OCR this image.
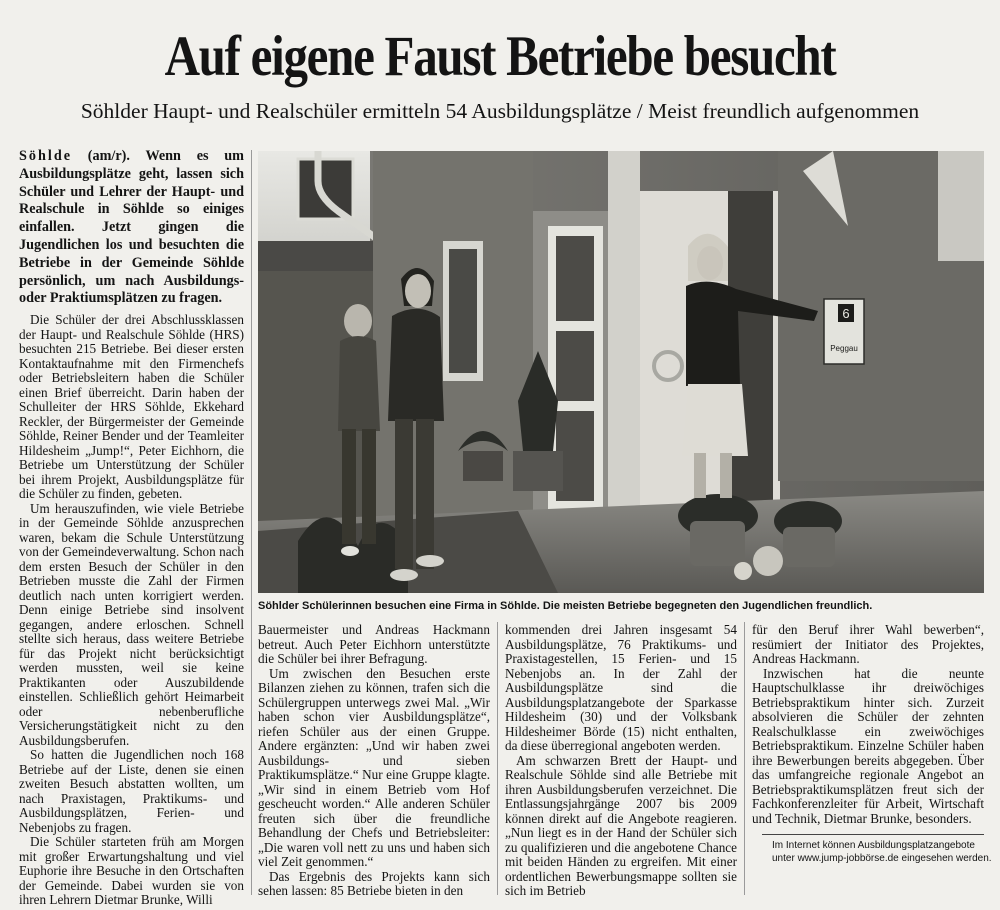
Auf eigene Faust Betriebe besucht
Söhlder Haupt- und Realschüler ermitteln 54 Ausbildungsplätze / Meist freundlich aufgenommen

Söhlde (am/r). Wenn es um Ausbildungsplätze geht, lassen sich Schüler und Lehrer der Haupt- und Realschule in Söhlde so einiges einfallen. Jetzt gingen die Jugendlichen los und besuchten die Betriebe in der Gemeinde Söhlde persönlich, um nach Ausbildungs- oder Praktiumsplätzen zu fragen.

Die Schüler der drei Abschlussklassen der Haupt- und Realschule Söhlde (HRS) besuchten 215 Betriebe. Bei dieser ersten Kontaktaufnahme mit den Firmenchefs oder Betriebsleitern haben die Schüler einen Brief überreicht. Darin haben der Schulleiter der HRS Söhlde, Ekkehard Reckler, der Bürgermeister der Gemeinde Söhlde, Reiner Bender und der Teamleiter Hildesheim „Jump!“, Peter Eichhorn, die Betriebe um Unterstützung der Schüler bei ihrem Projekt, Ausbildungsplätze für die Schüler zu finden, gebeten.

Um herauszufinden, wie viele Betriebe in der Gemeinde Söhlde anzusprechen waren, bekam die Schule Unterstützung von der Gemeindeverwaltung. Schon nach dem ersten Besuch der Schüler in den Betrieben musste die Zahl der Firmen deutlich nach unten korrigiert werden. Denn einige Betriebe sind insolvent gegangen, andere erloschen. Schnell stellte sich heraus, dass weitere Betriebe für das Projekt nicht berücksichtigt werden mussten, weil sie keine Praktikanten oder Auszubildende einstellen. Schließlich gehört Heimarbeit oder nebenberufliche Versicherungstätigkeit nicht zu den Ausbildungsberufen.

So hatten die Jugendlichen noch 168 Betriebe auf der Liste, denen sie einen zweiten Besuch abstatten wollten, um nach Praxistagen, Praktikums- und Ausbildungsplätzen, Ferien- und Nebenjobs zu fragen.

Die Schüler starteten früh am Morgen mit großer Erwartungshaltung und viel Euphorie ihre Besuche in den Ortschaften der Gemeinde. Dabei wurden sie von ihren Lehrern Dietmar Brunke, Willi

6
Peggau
Söhlder Schülerinnen besuchen eine Firma in Söhlde. Die meisten Betriebe begegneten den Jugendlichen freundlich.

Bauermeister und Andreas Hackmann betreut. Auch Peter Eichhorn unterstützte die Schüler bei ihrer Befragung.

Um zwischen den Besuchen erste Bilanzen ziehen zu können, trafen sich die Schülergruppen unterwegs zwei Mal. „Wir haben schon vier Ausbildungsplätze“, riefen Schüler aus der einen Gruppe. Andere ergänzten: „Und wir haben zwei Ausbildungs- und sieben Praktikumsplätze.“ Nur eine Gruppe klagte. „Wir sind in einem Betrieb vom Hof gescheucht worden.“ Alle anderen Schüler freuten sich über die freundliche Behandlung der Chefs und Betriebsleiter: „Die waren voll nett zu uns und haben sich viel Zeit genommen.“

Das Ergebnis des Projekts kann sich sehen lassen: 85 Betriebe bieten in den

kommenden drei Jahren insgesamt 54 Ausbildungsplätze, 76 Praktikums- und Praxistagestellen, 15 Ferien- und 15 Nebenjobs an. In der Zahl der Ausbildungsplätze sind die Ausbildungsplatzangebote der Sparkasse Hildesheim (30) und der Volksbank Hildesheimer Börde (15) nicht enthalten, da diese überregional angeboten werden.

Am schwarzen Brett der Haupt- und Realschule Söhlde sind alle Betriebe mit ihren Ausbildungsberufen verzeichnet. Die Entlassungsjahrgänge 2007 bis 2009 können direkt auf die Angebote reagieren. „Nun liegt es in der Hand der Schüler sich zu qualifizieren und die angebotene Chance mit beiden Händen zu ergreifen. Mit einer ordentlichen Bewerbungsmappe sollten sie sich im Betrieb

für den Beruf ihrer Wahl bewerben“, resümiert der Initiator des Projektes, Andreas Hackmann.

Inzwischen hat die neunte Hauptschulklasse ihr dreiwöchiges Betriebspraktikum hinter sich. Zurzeit absolvieren die Schüler der zehnten Realschulklasse ein zweiwöchiges Betriebspraktikum. Einzelne Schüler haben ihre Bewerbungen bereits abgegeben. Über das umfangreiche regionale Angebot an Betriebspraktikumsplätzen freut sich der Fachkonferenzleiter für Arbeit, Wirtschaft und Technik, Dietmar Brunke, besonders.

Im Internet können Ausbildungsplatzangebote unter www.jump-jobbörse.de eingesehen werden.
